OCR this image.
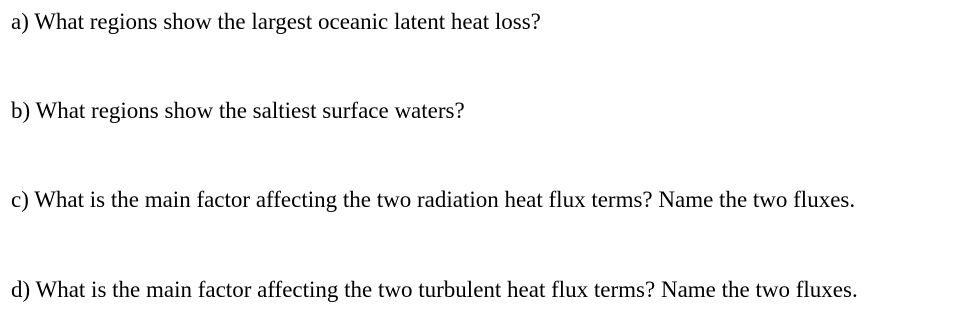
a) What regions show the largest oceanic latent heat loss?
b) What regions show the saltiest surface waters?
c) What is the main factor affecting the two radiation heat flux terms? Name the two fluxes.
d) What is the main factor affecting the two turbulent heat flux terms? Name the two fluxes.
